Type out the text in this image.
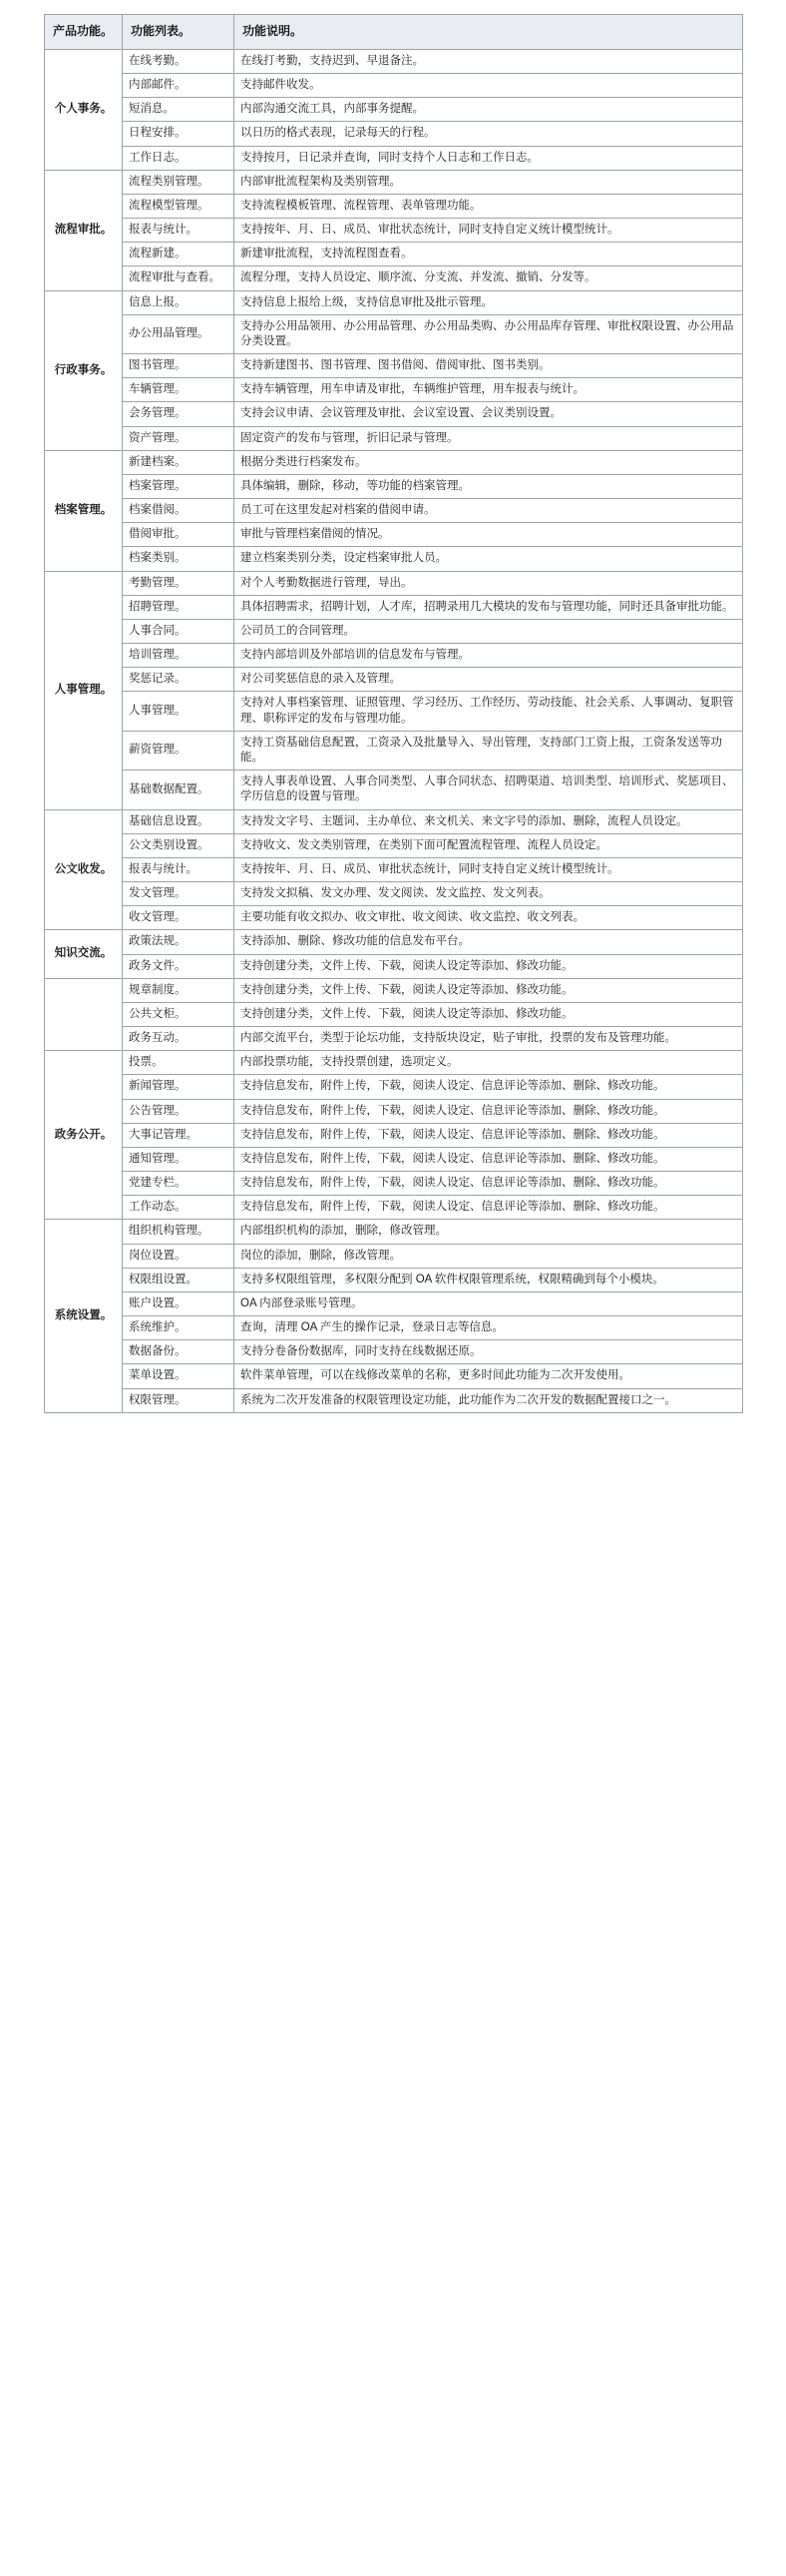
产品功能。	功能列表。	功能说明。
个人事务。	在线考勤。	在线打考勤，支持迟到、早退备注。
	内部邮件。	支持邮件收发。
	短消息。	内部沟通交流工具，内部事务提醒。
	日程安排。	以日历的格式表现，记录每天的行程。
	工作日志。	支持按月，日记录并查询，同时支持个人日志和工作日志。
流程审批。	流程类别管理。	内部审批流程架构及类别管理。
	流程模型管理。	支持流程模板管理、流程管理、表单管理功能。
	报表与统计。	支持按年、月、日、成员、审批状态统计，同时支持自定义统计模型统计。
	流程新建。	新建审批流程，支持流程图查看。
	流程审批与查看。	流程分理，支持人员设定、顺序流、分支流、并发流、撤销、分发等。
行政事务。	信息上报。	支持信息上报给上级，支持信息审批及批示管理。
	办公用品管理。	支持办公用品领用、办公用品管理、办公用品类购、办公用品库存管理、审批权限设置、办公用品分类设置。
	图书管理。	支持新建图书、图书管理、图书借阅、借阅审批、图书类别。
	车辆管理。	支持车辆管理，用车申请及审批，车辆维护管理，用车报表与统计。
	会务管理。	支持会议申请、会议管理及审批、会议室设置、会议类别设置。
	资产管理。	固定资产的发布与管理，折旧记录与管理。
档案管理。	新建档案。	根据分类进行档案发布。
	档案管理。	具体编辑，删除，移动，等功能的档案管理。
	档案借阅。	员工可在这里发起对档案的借阅申请。
	借阅审批。	审批与管理档案借阅的情况。
	档案类别。	建立档案类别分类，设定档案审批人员。
人事管理。	考勤管理。	对个人考勤数据进行管理，导出。
	招聘管理。	具体招聘需求，招聘计划，人才库，招聘录用几大模块的发布与管理功能，同时还具备审批功能。
	人事合同。	公司员工的合同管理。
	培训管理。	支持内部培训及外部培训的信息发布与管理。
	奖惩记录。	对公司奖惩信息的录入及管理。
	人事管理。	支持对人事档案管理、证照管理、学习经历、工作经历、劳动技能、社会关系、人事调动、复职管理、职称评定的发布与管理功能。
	薪资管理。	支持工资基础信息配置，工资录入及批量导入、导出管理，支持部门工资上报，工资条发送等功能。
	基础数据配置。	支持人事表单设置、人事合同类型、人事合同状态、招聘渠道、培训类型、培训形式、奖惩项目、学历信息的设置与管理。
公文收发。	基础信息设置。	支持发文字号、主题词、主办单位、来文机关、来文字号的添加、删除，流程人员设定。
	公文类别设置。	支持收文、发文类别管理，在类别下面可配置流程管理、流程人员设定。
	报表与统计。	支持按年、月、日、成员、审批状态统计，同时支持自定义统计模型统计。
	发文管理。	支持发文拟稿、发文办理、发文阅读、发文监控、发文列表。
	收文管理。	主要功能有收文拟办、收文审批、收文阅读、收文监控、收文列表。
知识交流。	政策法规。	支持添加、删除、修改功能的信息发布平台。
	政务文件。	支持创建分类，文件上传、下载，阅读人设定等添加、修改功能。
	规章制度。	支持创建分类，文件上传、下载，阅读人设定等添加、修改功能。
	公共文柜。	支持创建分类，文件上传、下载，阅读人设定等添加、修改功能。
	政务互动。	内部交流平台，类型于论坛功能，支持版块设定，贴子审批，投票的发布及管理功能。
政务公开。	投票。	内部投票功能，支持投票创建，选项定义。
	新闻管理。	支持信息发布，附件上传，下载，阅读人设定、信息评论等添加、删除、修改功能。
	公告管理。	支持信息发布，附件上传，下载，阅读人设定、信息评论等添加、删除、修改功能。
	大事记管理。	支持信息发布，附件上传，下载，阅读人设定、信息评论等添加、删除、修改功能。
	通知管理。	支持信息发布，附件上传，下载，阅读人设定、信息评论等添加、删除、修改功能。
	党建专栏。	支持信息发布，附件上传，下载，阅读人设定、信息评论等添加、删除、修改功能。
	工作动态。	支持信息发布，附件上传，下载，阅读人设定、信息评论等添加、删除、修改功能。
系统设置。	组织机构管理。	内部组织机构的添加，删除，修改管理。
	岗位设置。	岗位的添加，删除，修改管理。
	权限组设置。	支持多权限组管理，多权限分配到 OA 软件权限管理系统，权限精确到每个小模块。
	账户设置。	OA 内部登录账号管理。
	系统维护。	查询，清理 OA 产生的操作记录，登录日志等信息。
	数据备份。	支持分卷备份数据库，同时支持在线数据还原。
	菜单设置。	软件菜单管理，可以在线修改菜单的名称，更多时间此功能为二次开发使用。
	权限管理。	系统为二次开发准备的权限管理设定功能，此功能作为二次开发的数据配置接口之一。
